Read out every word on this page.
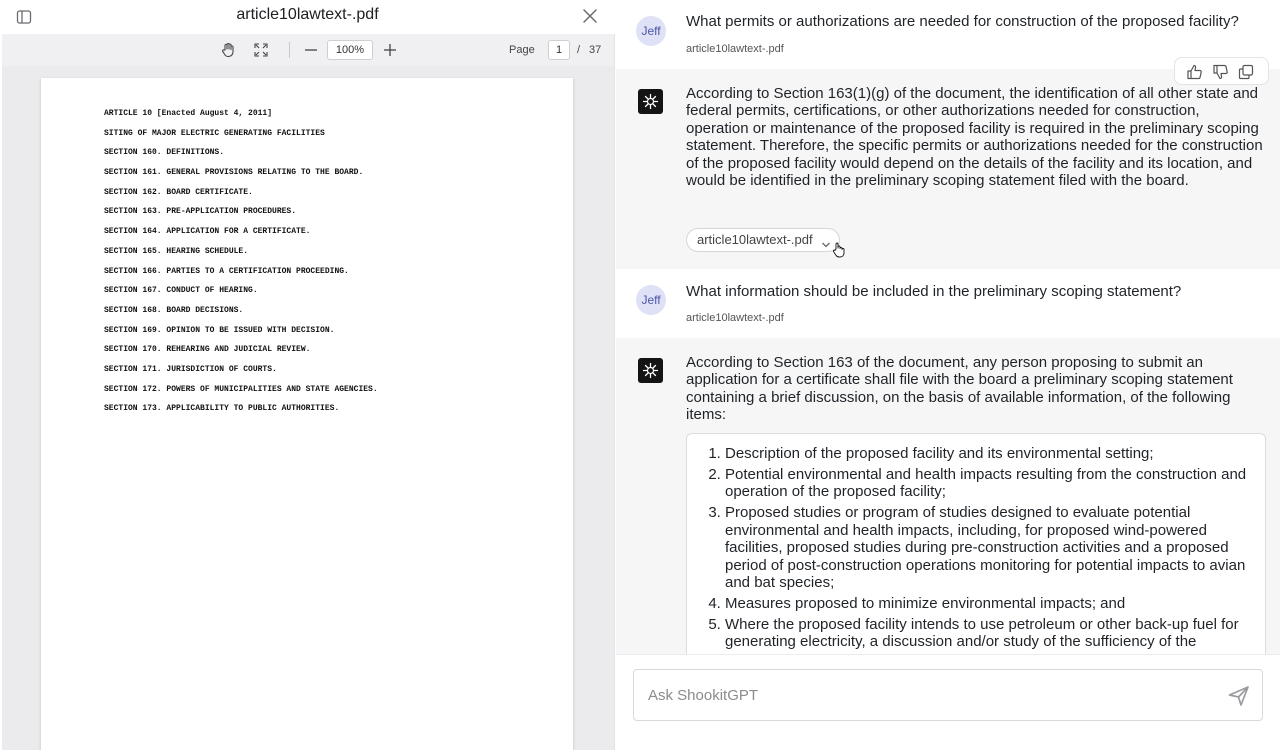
article10lawtext-.pdf
100%	Page	1	/ 37
ARTICLE 10 [Enacted August 4, 2011]
SITING OF MAJOR ELECTRIC GENERATING FACILITIES
SECTION 160. DEFINITIONS.
SECTION 161. GENERAL PROVISIONS RELATING TO THE BOARD.
SECTION 162. BOARD CERTIFICATE.
SECTION 163. PRE-APPLICATION PROCEDURES.
SECTION 164. APPLICATION FOR A CERTIFICATE.
SECTION 165. HEARING SCHEDULE.
SECTION 166. PARTIES TO A CERTIFICATION PROCEEDING.
SECTION 167. CONDUCT OF HEARING.
SECTION 168. BOARD DECISIONS.
SECTION 169. OPINION TO BE ISSUED WITH DECISION.
SECTION 170. REHEARING AND JUDICIAL REVIEW.
SECTION 171. JURISDICTION OF COURTS.
SECTION 172. POWERS OF MUNICIPALITIES AND STATE AGENCIES.
SECTION 173. APPLICABILITY TO PUBLIC AUTHORITIES.
Jeff
What permits or authorizations are needed for construction of the proposed facility?
article10lawtext-.pdf
According to Section 163(1)(g) of the document, the identification of all other state and federal permits, certifications, or other authorizations needed for construction, operation or maintenance of the proposed facility is required in the preliminary scoping statement. Therefore, the specific permits or authorizations needed for the construction of the proposed facility would depend on the details of the facility and its location, and would be identified in the preliminary scoping statement filed with the board.
article10lawtext-.pdf
Jeff	What information should be included in the preliminary scoping statement?
article10lawtext-.pdf
According to Section 163 of the document, any person proposing to submit an application for a certificate shall file with the board a preliminary scoping statement containing a brief discussion, on the basis of available information, of the following items:
1. Description of the proposed facility and its environmental setting;
2. Potential environmental and health impacts resulting from the construction and operation of the proposed facility;
3. Proposed studies or program of studies designed to evaluate potential environmental and health impacts, including, for proposed wind-powered facilities, proposed studies during pre-construction activities and a proposed period of post-construction operations monitoring for potential impacts to avian and bat species;
4. Measures proposed to minimize environmental impacts; and
5. Where the proposed facility intends to use petroleum or other back-up fuel for generating electricity, a discussion and/or study of the sufficiency of the
Ask ShookitGPT
